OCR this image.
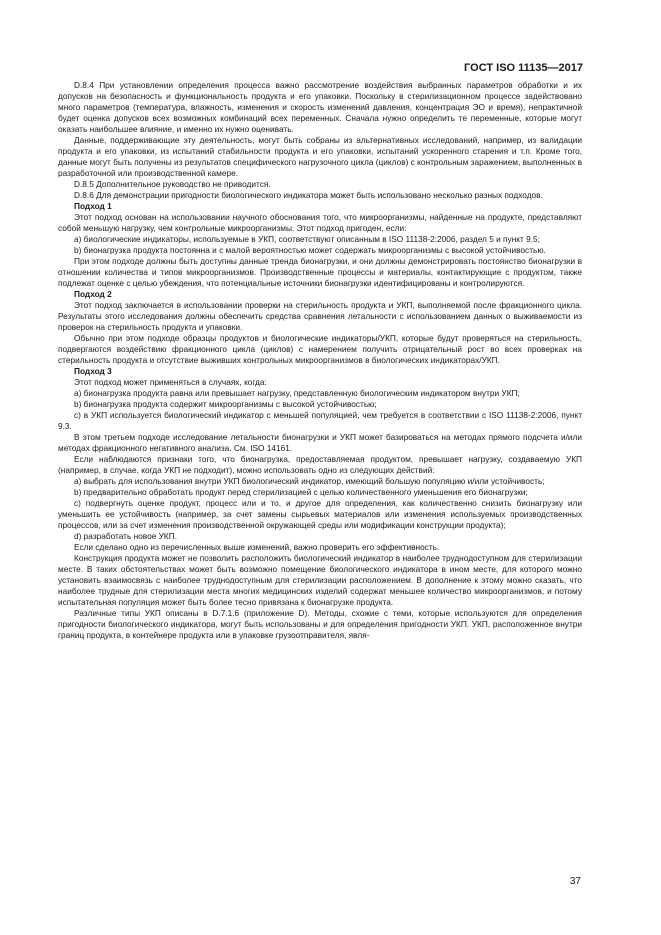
ГОСТ ISO 11135—2017

D.8.4 При установлении определения процесса важно рассмотрение воздействия выбранных параметров обработки и их допусков на безопасность и функциональность продукта и его упаковки. Поскольку в стерилизационном процессе задействовано много параметров (температура, влажность, изменения и скорость изменений давления, концентрация ЭО и время), непрактичной будет оценка допусков всех возможных комбинаций всех переменных. Сначала нужно определить те переменные, которые могут оказать наибольшее влияние, и именно их нужно оценивать.

Данные, поддерживающие эту деятельность, могут быть собраны из альтернативных исследований, например, из валидации продукта и его упаковки, из испытаний стабильности продукта и его упаковки, испытаний ускоренного старения и т.п. Кроме того, данные могут быть получены из результатов специфического нагрузочного цикла (циклов) с контрольным заражением, выполненных в разработочной или производственной камере.

D.8.5 Дополнительное руководство не приводится.

D.8.6 Для демонстрации пригодности биологического индикатора может быть использовано несколько разных подходов.

Подход 1

Этот подход основан на использовании научного обоснования того, что микроорганизмы, найденные на продукте, представляют собой меньшую нагрузку, чем контрольные микроорганизмы. Этот подход пригоден, если:

a) биологические индикаторы, используемые в УКП, соответствуют описанным в ISO 11138-2:2006, раздел 5 и пункт 9.5;

b) бионагрузка продукта постоянна и с малой вероятностью может содержать микроорганизмы с высокой устойчивостью.

При этом подходе должны быть доступны данные тренда бионагрузки, и они должны демонстрировать постоянство бионагрузки в отношении количества и типов микроорганизмов. Производственные процессы и материалы, контактирующие с продуктом, также подлежат оценке с целью убеждения, что потенциальные источники бионагрузки идентифицированы и контролируются.

Подход 2

Этот подход заключается в использовании проверки на стерильность продукта и УКП, выполняемой после фракционного цикла. Результаты этого исследования должны обеспечить средства сравнения летальности с использованием данных о выживаемости из проверок на стерильность продукта и упаковки.

Обычно при этом подходе образцы продуктов и биологические индикаторы/УКП, которые будут проверяться на стерильность, подвергаются воздействию фракционного цикла (циклов) с намерением получить отрицательный рост во всех проверках на стерильность продукта и отсутствие выживших контрольных микроорганизмов в биологических индикаторах/УКП.

Подход 3

Этот подход может применяться в случаях, когда:

a) бионагрузка продукта равна или превышает нагрузку, представленную биологическим индикатором внутри УКП;

b) бионагрузка продукта содержит микроорганизмы с высокой устойчивостью;

c) в УКП используется биологический индикатор с меньшей популяцией, чем требуется в соответствии с ISO 11138-2:2006, пункт 9.3.

В этом третьем подходе исследование летальности бионагрузки и УКП может базироваться на методах прямого подсчета и/или методах фракционного негативного анализа. См. ISO 14161.

Если наблюдаются признаки того, что бионагрузка, предоставляемая продуктом, превышает нагрузку, создаваемую УКП (например, в случае, когда УКП не подходит), можно использовать одно из следующих действий:

a) выбрать для использования внутри УКП биологический индикатор, имеющий большую популяцию и/или устойчивость;

b) предварительно обработать продукт перед стерилизацией с целью количественного уменьшения его бионагрузки;

c) подвергнуть оценке продукт, процесс или и то, и другое для определения, как количественно снизить бионагрузку или уменьшить ее устойчивость (например, за счет замены сырьевых материалов или изменения используемых производственных процессов, или за счет изменения производственной окружающей среды или модификации конструкции продукта);

d) разработать новое УКП.

Если сделано одно из перечисленных выше изменений, важно проверить его эффективность.

Конструкция продукта может не позволить расположить биологический индикатор в наиболее труднодоступном для стерилизации месте. В таких обстоятельствах может быть возможно помещение биологического индикатора в ином месте, для которого можно установить взаимосвязь с наиболее труднодоступным для стерилизации расположением. В дополнение к этому можно сказать, что наиболее трудные для стерилизации места многих медицинских изделий содержат меньшее количество микроорганизмов, и потому испытательная популяция может быть более тесно привязана к бионагрузке продукта.

Различные типы УКП описаны в D.7.1.6 (приложение D). Методы, схожие с теми, которые используются для определения пригодности биологического индикатора, могут быть использованы и для определения пригодности УКП. УКП, расположенное внутри границ продукта, в контейнере продукта или в упаковке грузоотправителя, явля-

37
